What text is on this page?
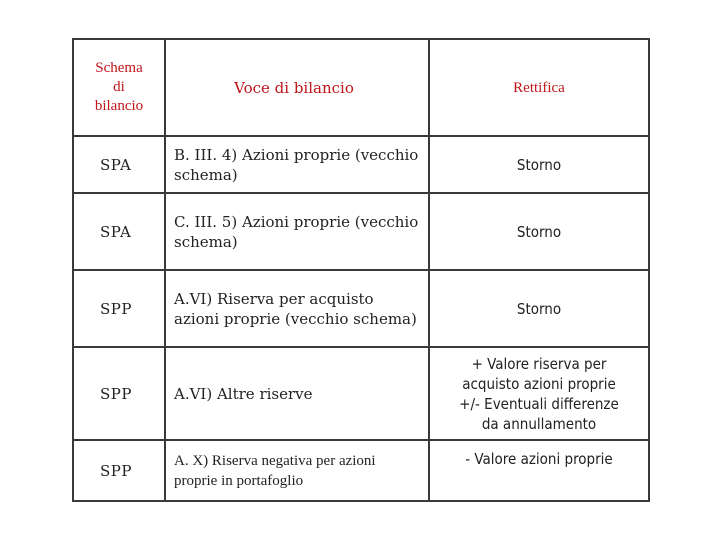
Schema
di
bilancio	Voce di bilancio	Rettifica
SPA	B. III. 4) Azioni proprie (vecchio schema)	Storno

SPA	C. III. 5) Azioni proprie (vecchio schema)	Storno

SPP	A.VI) Riserva per acquisto azioni proprie (vecchio schema)	Storno

SPP	A.VI) Altre riserve	+ Valore riserva per
acquisto azioni proprie
+/- Eventuali differenze
da annullamento

SPP	A. X) Riserva negativa per azioni proprie in portafoglio	- Valore azioni proprie
